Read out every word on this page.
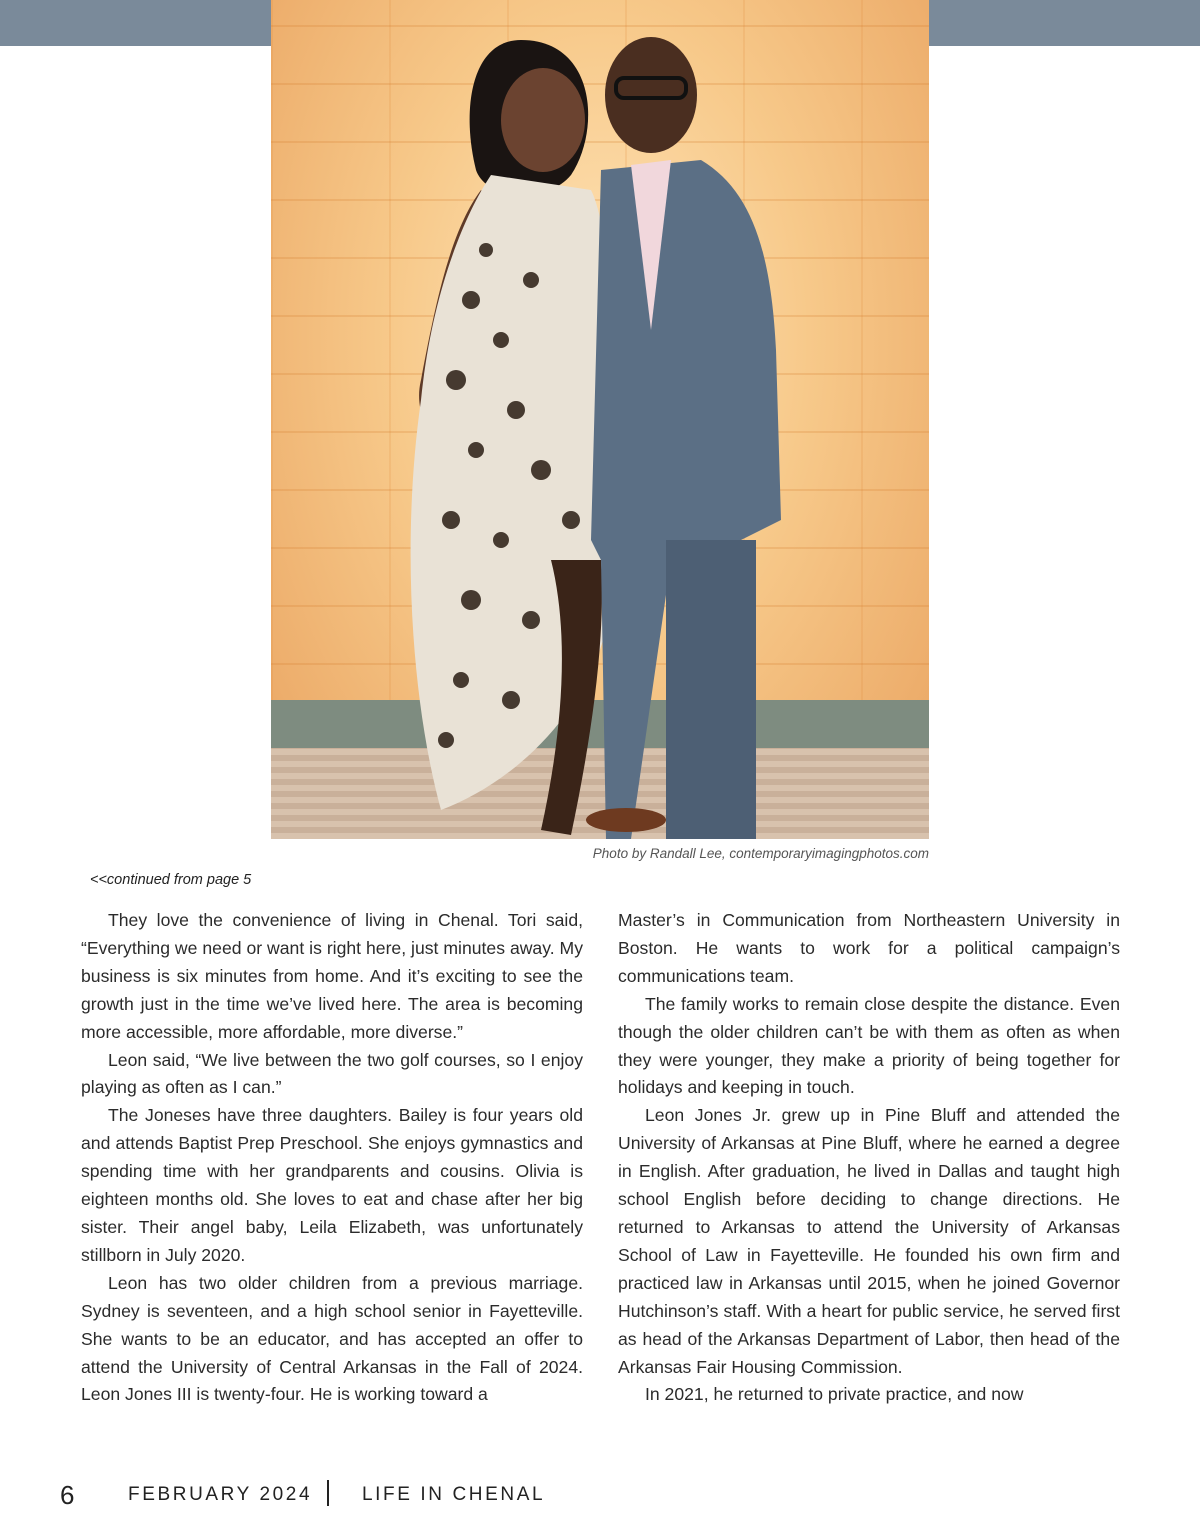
Photo by Randall Lee, contemporaryimagingphotos.com
<<continued from page 5

They love the convenience of living in Chenal. Tori said, “Everything we need or want is right here, just minutes away. My business is six minutes from home. And it’s exciting to see the growth just in the time we’ve lived here. The area is becoming more accessible, more affordable, more diverse.”

Leon said, “We live between the two golf courses, so I enjoy playing as often as I can.”

The Joneses have three daughters. Bailey is four years old and attends Baptist Prep Preschool. She enjoys gymnastics and spending time with her grandparents and cousins. Olivia is eighteen months old. She loves to eat and chase after her big sister. Their angel baby, Leila Elizabeth, was unfortunately stillborn in July 2020.

Leon has two older children from a previous marriage. Sydney is seventeen, and a high school senior in Fayetteville. She wants to be an educator, and has accepted an offer to attend the University of Central Arkansas in the Fall of 2024. Leon Jones III is twenty-four. He is working toward a

Master’s in Communication from Northeastern University in Boston. He wants to work for a political campaign’s communications team.

The family works to remain close despite the distance. Even though the older children can’t be with them as often as when they were younger, they make a priority of being together for holidays and keeping in touch.

Leon Jones Jr. grew up in Pine Bluff and attended the University of Arkansas at Pine Bluff, where he earned a degree in English. After graduation, he lived in Dallas and taught high school English before deciding to change directions. He returned to Arkansas to attend the University of Arkansas School of Law in Fayetteville. He founded his own firm and practiced law in Arkansas until 2015, when he joined Governor Hutchinson’s staff. With a heart for public service, he served first as head of the Arkansas Department of Labor, then head of the Arkansas Fair Housing Commission.

In 2021, he returned to private practice, and now

6	FEBRUARY 2024	LIFE IN CHENAL
